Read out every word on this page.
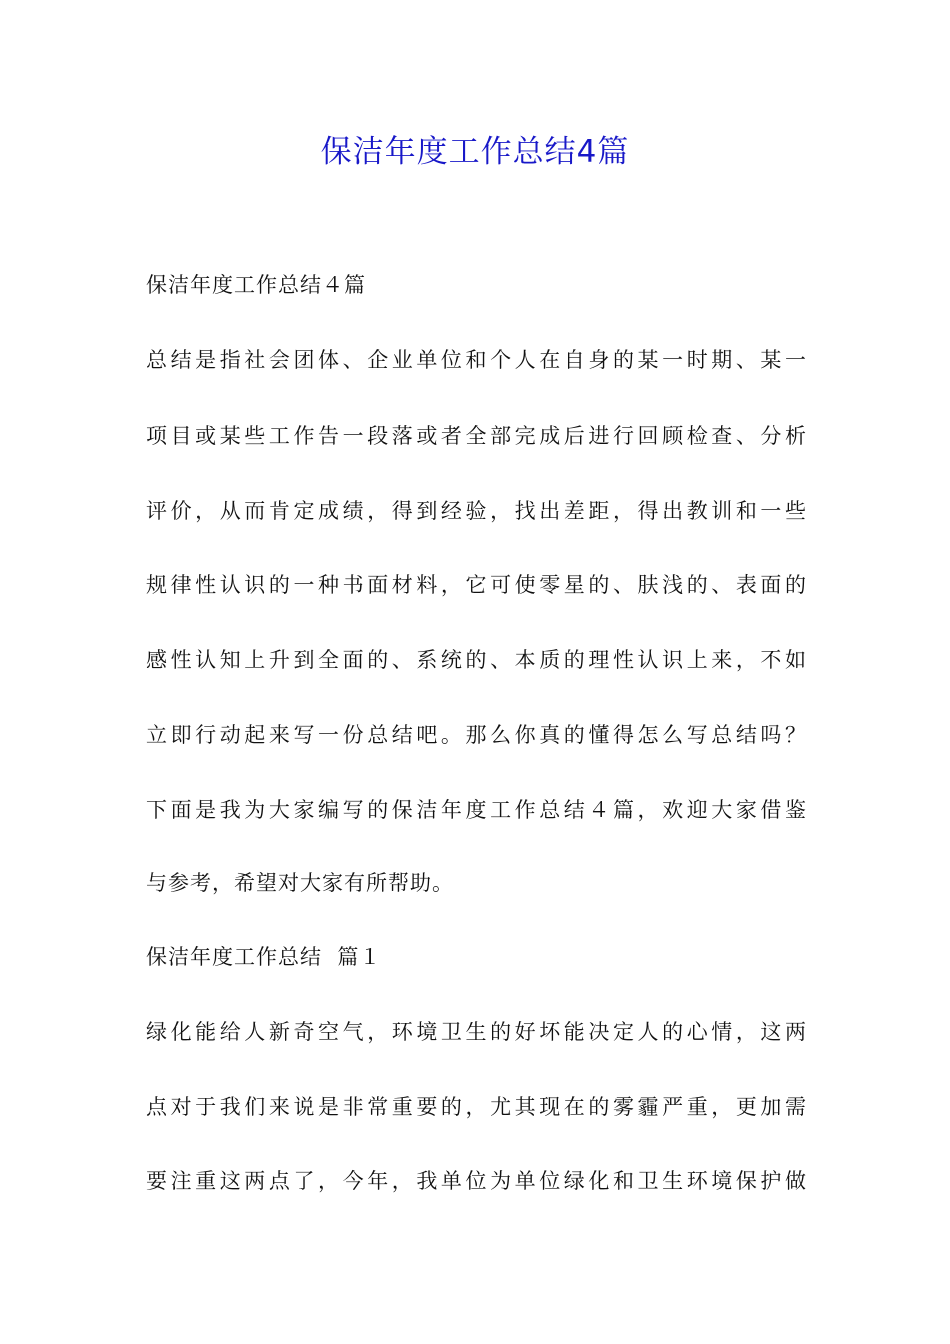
保洁年度工作总结4篇
保洁年度工作总结４篇
总结是指社会团体、企业单位和个人在自身的某一时期、某一
项目或某些工作告一段落或者全部完成后进行回顾检查、分析
评价，从而肯定成绩，得到经验，找出差距，得出教训和一些
规律性认识的一种书面材料，它可使零星的、肤浅的、表面的
感性认知上升到全面的、系统的、本质的理性认识上来，不如
立即行动起来写一份总结吧。那么你真的懂得怎么写总结吗？
下面是我为大家编写的保洁年度工作总结４篇，欢迎大家借鉴
与参考，希望对大家有所帮助。
保洁年度工作总结  篇１
绿化能给人新奇空气，环境卫生的好坏能决定人的心情，这两
点对于我们来说是非常重要的，尤其现在的雾霾严重，更加需
要注重这两点了，今年，我单位为单位绿化和卫生环境保护做
